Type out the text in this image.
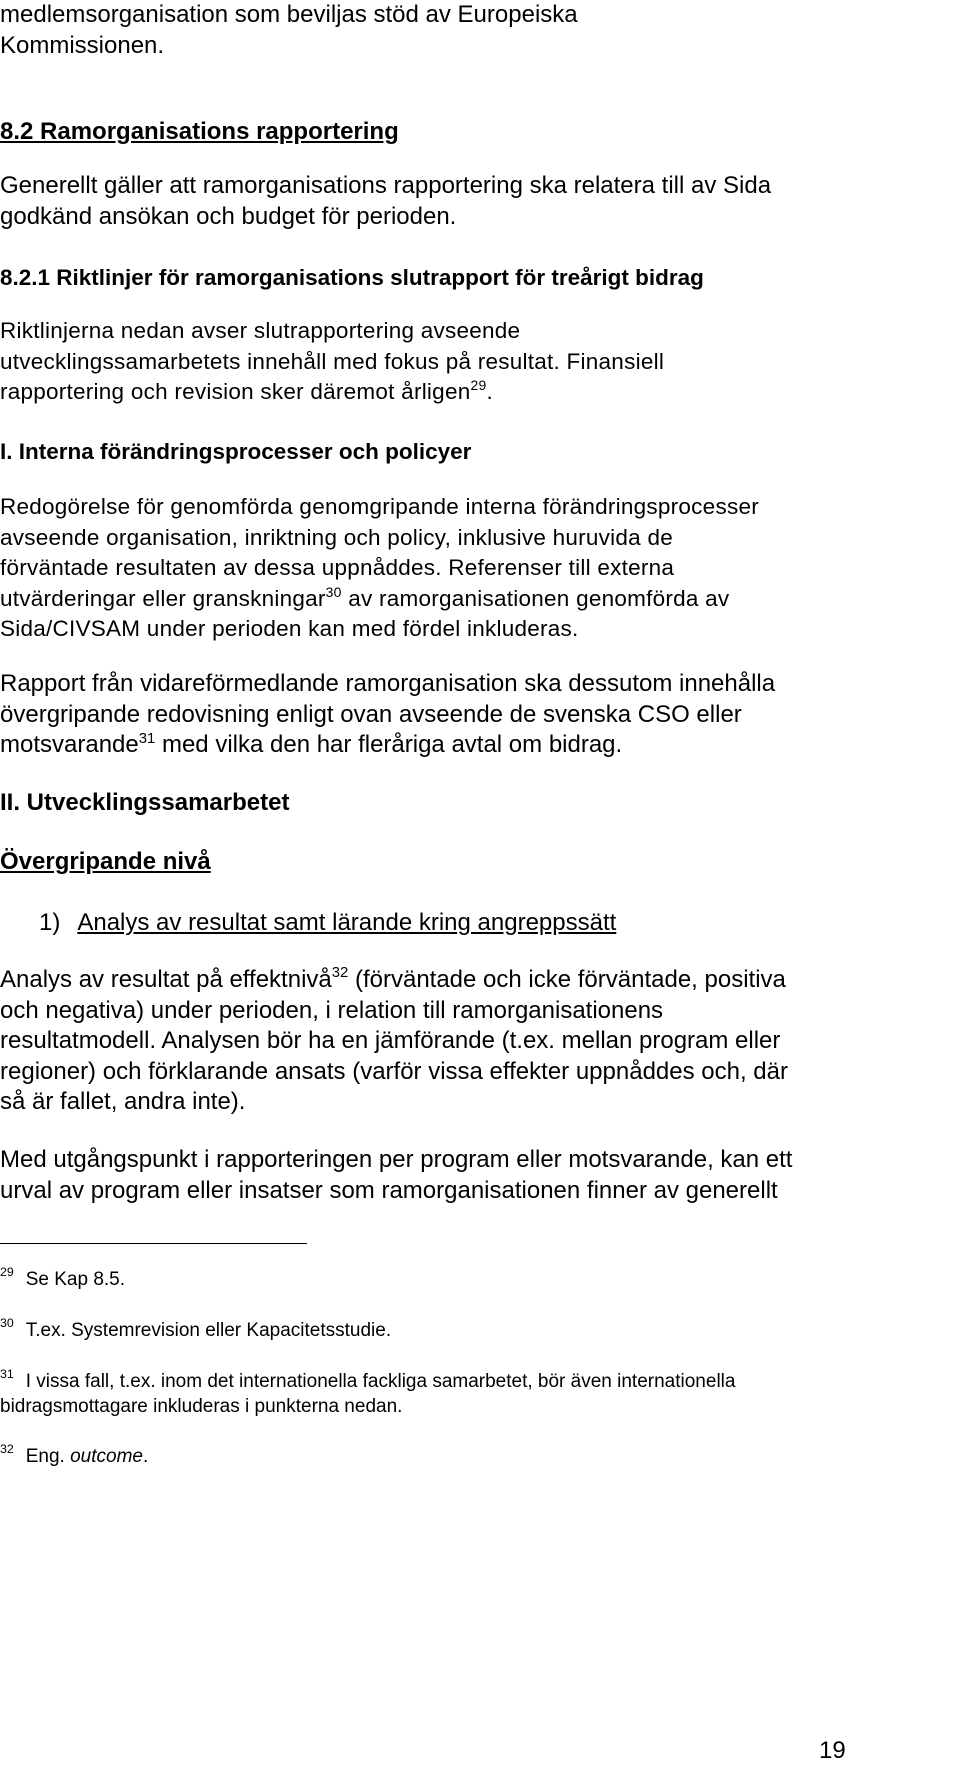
medlemsorganisation som beviljas stöd av Europeiska
Kommissionen.
8.2 Ramorganisations rapportering
Generellt gäller att ramorganisations rapportering ska relatera till av Sida
godkänd ansökan och budget för perioden.
8.2.1 Riktlinjer för ramorganisations slutrapport för treårigt bidrag
Riktlinjerna nedan avser slutrapportering avseende
utvecklingssamarbetets innehåll med fokus på resultat. Finansiell
rapportering och revision sker däremot årligen$^{29}$.
I. Interna förändringsprocesser och policyer
Redogörelse för genomförda genomgripande interna förändringsprocesser
avseende organisation, inriktning och policy, inklusive huruvida de
förväntade resultaten av dessa uppnåddes. Referenser till externa
utvärderingar eller granskningar$^{30}$ av ramorganisationen genomförda av
Sida/CIVSAM under perioden kan med fördel inkluderas.
Rapport från vidareförmedlande ramorganisation ska dessutom innehålla
övergripande redovisning enligt ovan avseende de svenska CSO eller
motsvarande$^{31}$ med vilka den har fleråriga avtal om bidrag.
II. Utvecklingssamarbetet
Övergripande nivå
1) Analys av resultat samt lärande kring angreppssätt
Analys av resultat på effektnivå$^{32}$ (förväntade och icke förväntade, positiva
och negativa) under perioden, i relation till ramorganisationens
resultatmodell. Analysen bör ha en jämförande (t.ex. mellan program eller
regioner) och förklarande ansats (varför vissa effekter uppnåddes och, där
så är fallet, andra inte).
Med utgångspunkt i rapporteringen per program eller motsvarande, kan ett
urval av program eller insatser som ramorganisationen finner av generellt
$^{29}$ Se Kap 8.5.
$^{30}$ T.ex. Systemrevision eller Kapacitetsstudie.
$^{31}$ I vissa fall, t.ex. inom det internationella fackliga samarbetet, bör även internationella
bidragsmottagare inkluderas i punkterna nedan.
$^{32}$ Eng. outcome.
19
